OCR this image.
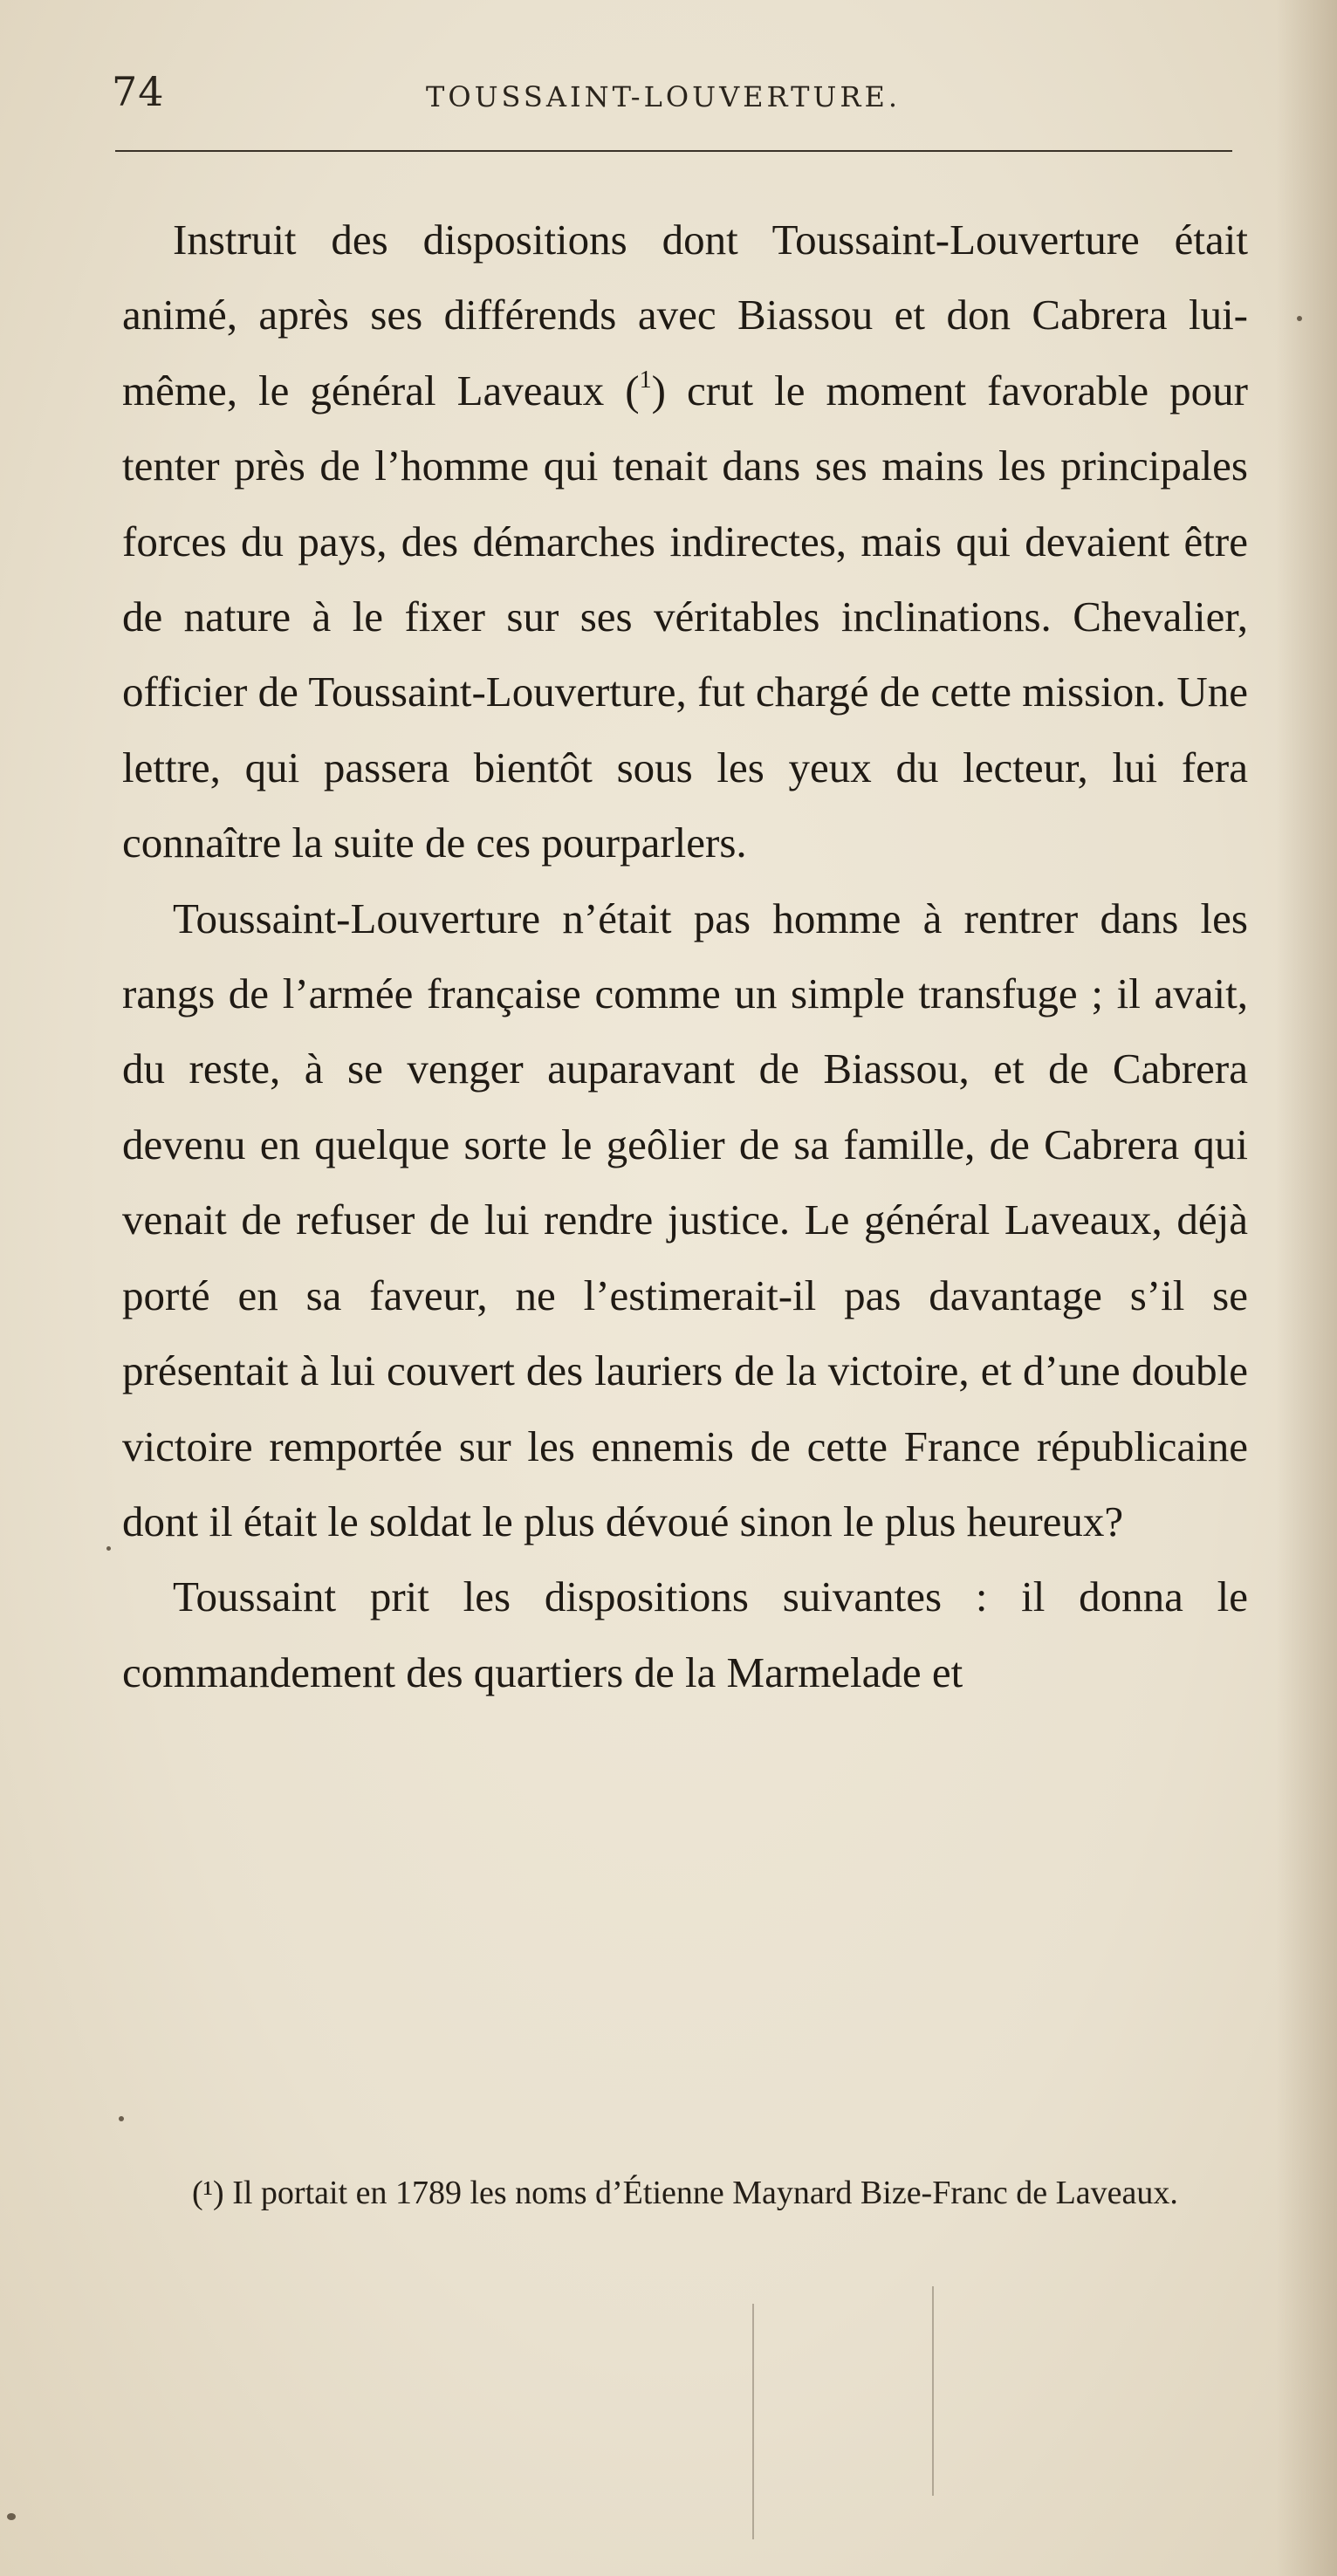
74	TOUSSAINT-LOUVERTURE.

Instruit des dispositions dont Toussaint-Louverture était animé, après ses différends avec Biassou et don Cabrera lui-même, le général Laveaux ($^1$) crut le moment favorable pour tenter près de l’homme qui tenait dans ses mains les principales forces du pays, des démarches indirectes, mais qui devaient être de nature à le fixer sur ses véritables inclinations. Chevalier, officier de Toussaint-Louverture, fut chargé de cette mission. Une lettre, qui passera bientôt sous les yeux du lecteur, lui fera connaître la suite de ces pourparlers.

Toussaint-Louverture n’était pas homme à rentrer dans les rangs de l’armée française comme un simple transfuge ; il avait, du reste, à se venger auparavant de Biassou, et de Cabrera devenu en quelque sorte le geôlier de sa famille, de Cabrera qui venait de refuser de lui rendre justice. Le général Laveaux, déjà porté en sa faveur, ne l’estimerait-il pas davantage s’il se présentait à lui couvert des lauriers de la victoire, et d’une double victoire remportée sur les ennemis de cette France républicaine dont il était le soldat le plus dévoué sinon le plus heureux?

Toussaint prit les dispositions suivantes : il donna le commandement des quartiers de la Marmelade et

(¹) Il portait en 1789 les noms d’Étienne Maynard Bize-Franc de Laveaux.
